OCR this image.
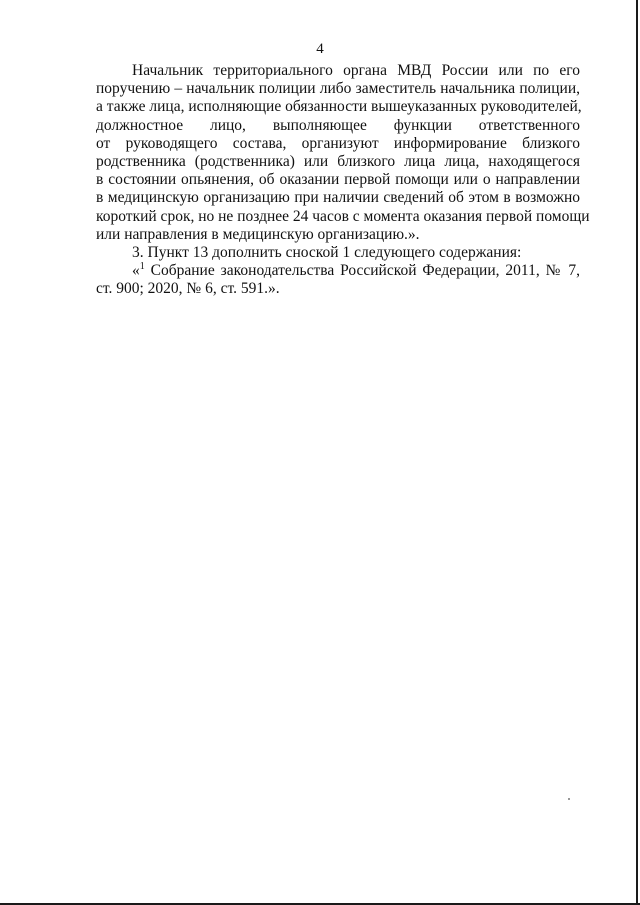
4
Начальник территориального органа МВД России или по его
поручению – начальник полиции либо заместитель начальника полиции,
а также лица, исполняющие обязанности вышеуказанных руководителей,
должностное лицо, выполняющее функции ответственного
от руководящего состава, организуют информирование близкого
родственника (родственника) или близкого лица лица, находящегося
в состоянии опьянения, об оказании первой помощи или о направлении
в медицинскую организацию при наличии сведений об этом в возможно
короткий срок, но не позднее 24 часов с момента оказания первой помощи
или направления в медицинскую организацию.».
3. Пункт 13 дополнить сноской 1 следующего содержания:
«$^1$ Собрание законодательства Российской Федерации, 2011, № 7,
ст. 900; 2020, № 6, ст. 591.».
